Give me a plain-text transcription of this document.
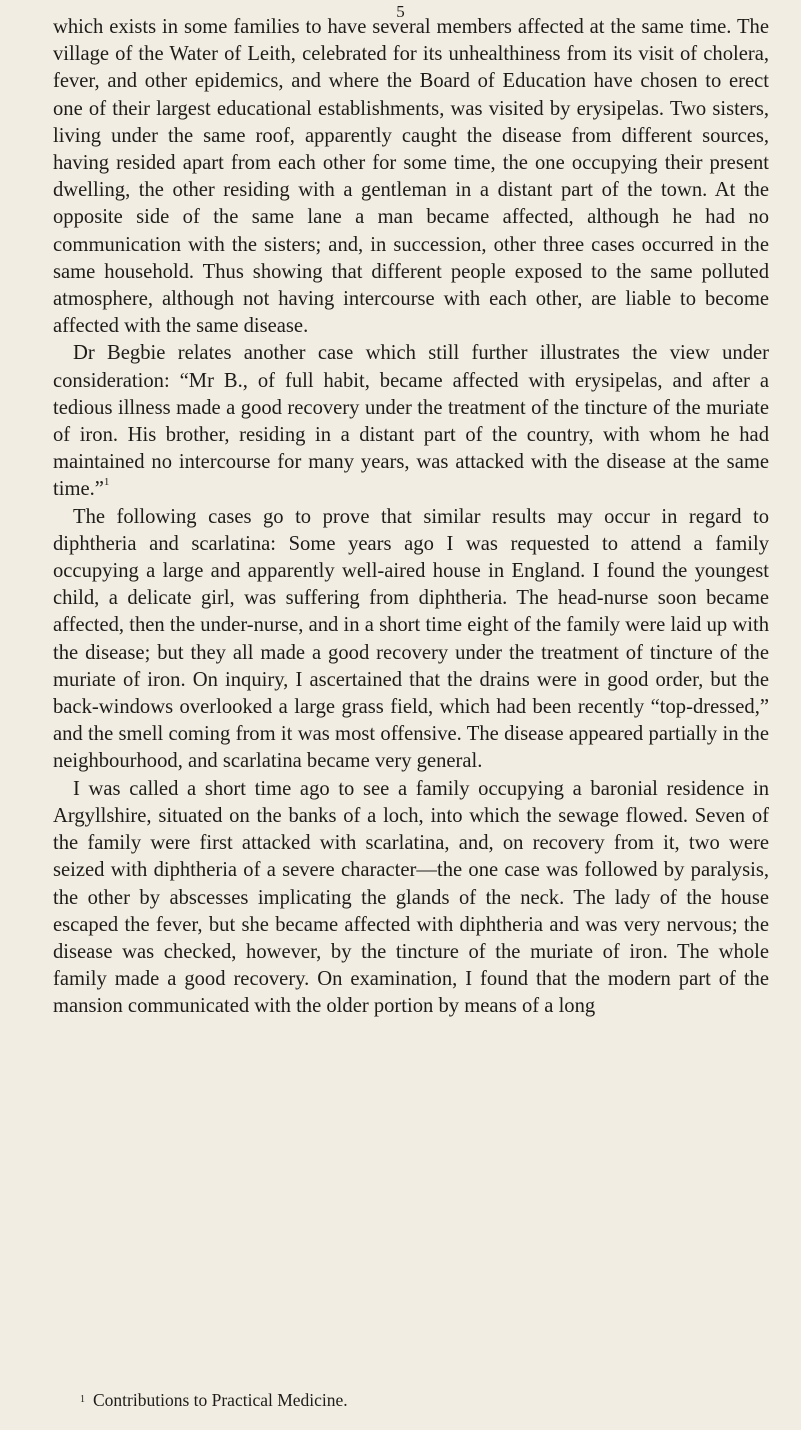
5

which exists in some families to have several members affected at the same time. The village of the Water of Leith, celebrated for its unhealthiness from its visit of cholera, fever, and other epidemics, and where the Board of Education have chosen to erect one of their largest educational establishments, was visited by erysipelas. Two sisters, living under the same roof, apparently caught the disease from different sources, having resided apart from each other for some time, the one occupying their present dwelling, the other residing with a gentleman in a distant part of the town. At the opposite side of the same lane a man became affected, although he had no communication with the sisters; and, in succession, other three cases occurred in the same household. Thus showing that different people exposed to the same polluted atmosphere, although not having intercourse with each other, are liable to become affected with the same disease.

Dr Begbie relates another case which still further illustrates the view under consideration: “Mr B., of full habit, became affected with erysipelas, and after a tedious illness made a good recovery under the treatment of the tincture of the muriate of iron. His brother, residing in a distant part of the country, with whom he had maintained no intercourse for many years, was attacked with the disease at the same time.”$^1$

The following cases go to prove that similar results may occur in regard to diphtheria and scarlatina: Some years ago I was requested to attend a family occupying a large and apparently well-aired house in England. I found the youngest child, a delicate girl, was suffering from diphtheria. The head-nurse soon became affected, then the under-nurse, and in a short time eight of the family were laid up with the disease; but they all made a good recovery under the treatment of tincture of the muriate of iron. On inquiry, I ascertained that the drains were in good order, but the back-windows overlooked a large grass field, which had been recently “top-dressed,” and the smell coming from it was most offensive. The disease appeared partially in the neighbourhood, and scarlatina became very general.

I was called a short time ago to see a family occupying a baronial residence in Argyllshire, situated on the banks of a loch, into which the sewage flowed. Seven of the family were first attacked with scarlatina, and, on recovery from it, two were seized with diphtheria of a severe character—the one case was followed by paralysis, the other by abscesses implicating the glands of the neck. The lady of the house escaped the fever, but she became affected with diphtheria and was very nervous; the disease was checked, however, by the tincture of the muriate of iron. The whole family made a good recovery. On examination, I found that the modern part of the mansion communicated with the older portion by means of a long

$^1$ Contributions to Practical Medicine.
